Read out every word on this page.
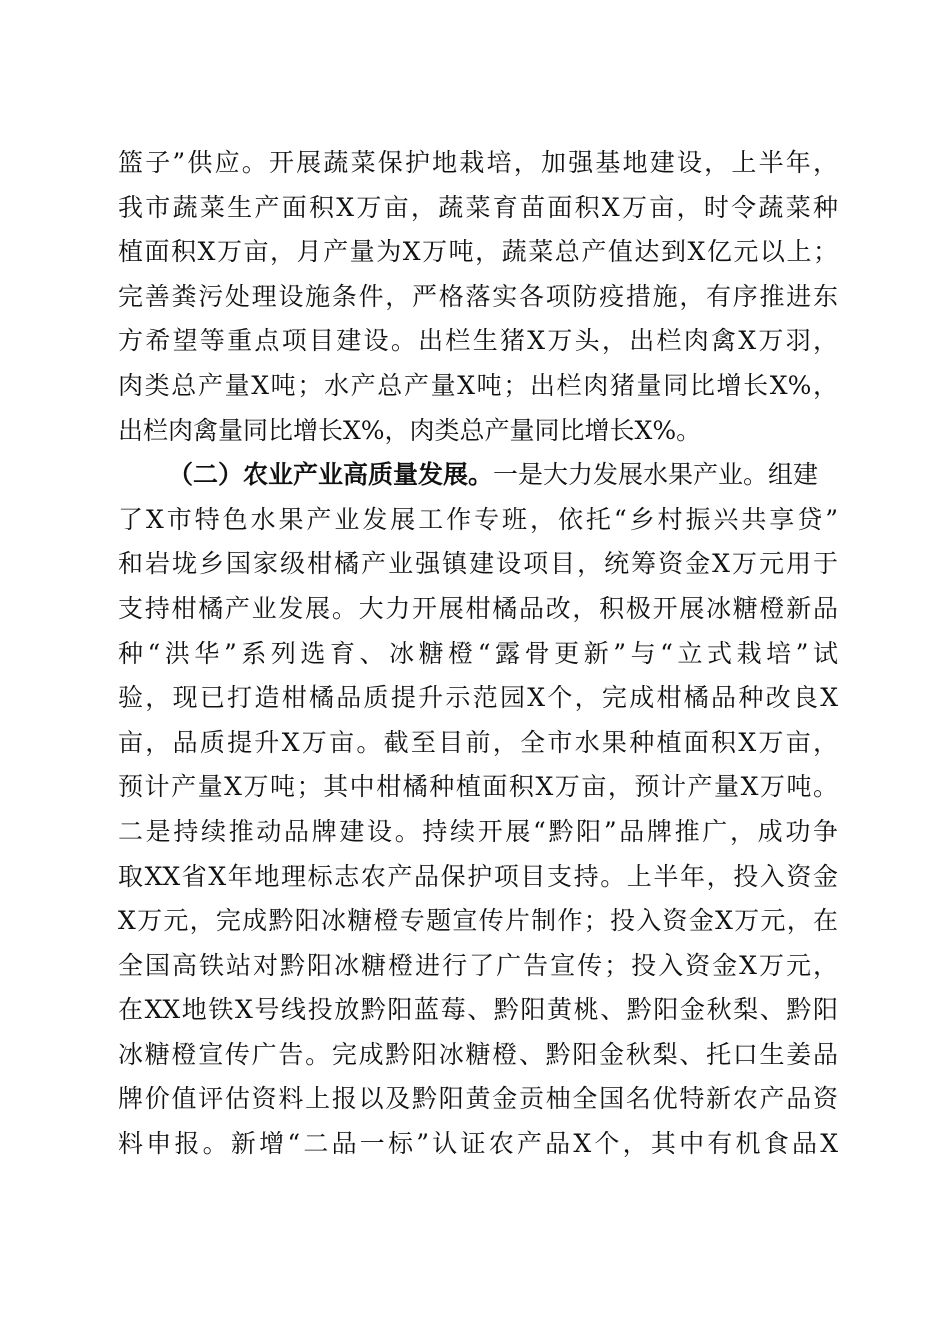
篮子”供应。开展蔬菜保护地栽培，加强基地建设，上半年，
我市蔬菜生产面积X万亩，蔬菜育苗面积X万亩，时令蔬菜种
植面积X万亩，月产量为X万吨，蔬菜总产值达到X亿元以上；
完善粪污处理设施条件，严格落实各项防疫措施，有序推进东
方希望等重点项目建设。出栏生猪X万头，出栏肉禽X万羽，
肉类总产量X吨；水产总产量X吨；出栏肉猪量同比增长X%，
出栏肉禽量同比增长X%，肉类总产量同比增长X%。
（二）农业产业高质量发展。一是大力发展水果产业。组建
了X市特色水果产业发展工作专班，依托“乡村振兴共享贷”
和岩垅乡国家级柑橘产业强镇建设项目，统筹资金X万元用于
支持柑橘产业发展。大力开展柑橘品改，积极开展冰糖橙新品
种“洪华”系列选育、冰糖橙“露骨更新”与“立式栽培”试
验，现已打造柑橘品质提升示范园X个，完成柑橘品种改良X
亩，品质提升X万亩。截至目前，全市水果种植面积X万亩，
预计产量X万吨；其中柑橘种植面积X万亩，预计产量X万吨。
二是持续推动品牌建设。持续开展“黔阳”品牌推广，成功争
取XX省X年地理标志农产品保护项目支持。上半年，投入资金
X万元，完成黔阳冰糖橙专题宣传片制作；投入资金X万元，在
全国高铁站对黔阳冰糖橙进行了广告宣传；投入资金X万元，
在XX地铁X号线投放黔阳蓝莓、黔阳黄桃、黔阳金秋梨、黔阳
冰糖橙宣传广告。完成黔阳冰糖橙、黔阳金秋梨、托口生姜品
牌价值评估资料上报以及黔阳黄金贡柚全国名优特新农产品资
料申报。新增“二品一标”认证农产品X个，其中有机食品X
